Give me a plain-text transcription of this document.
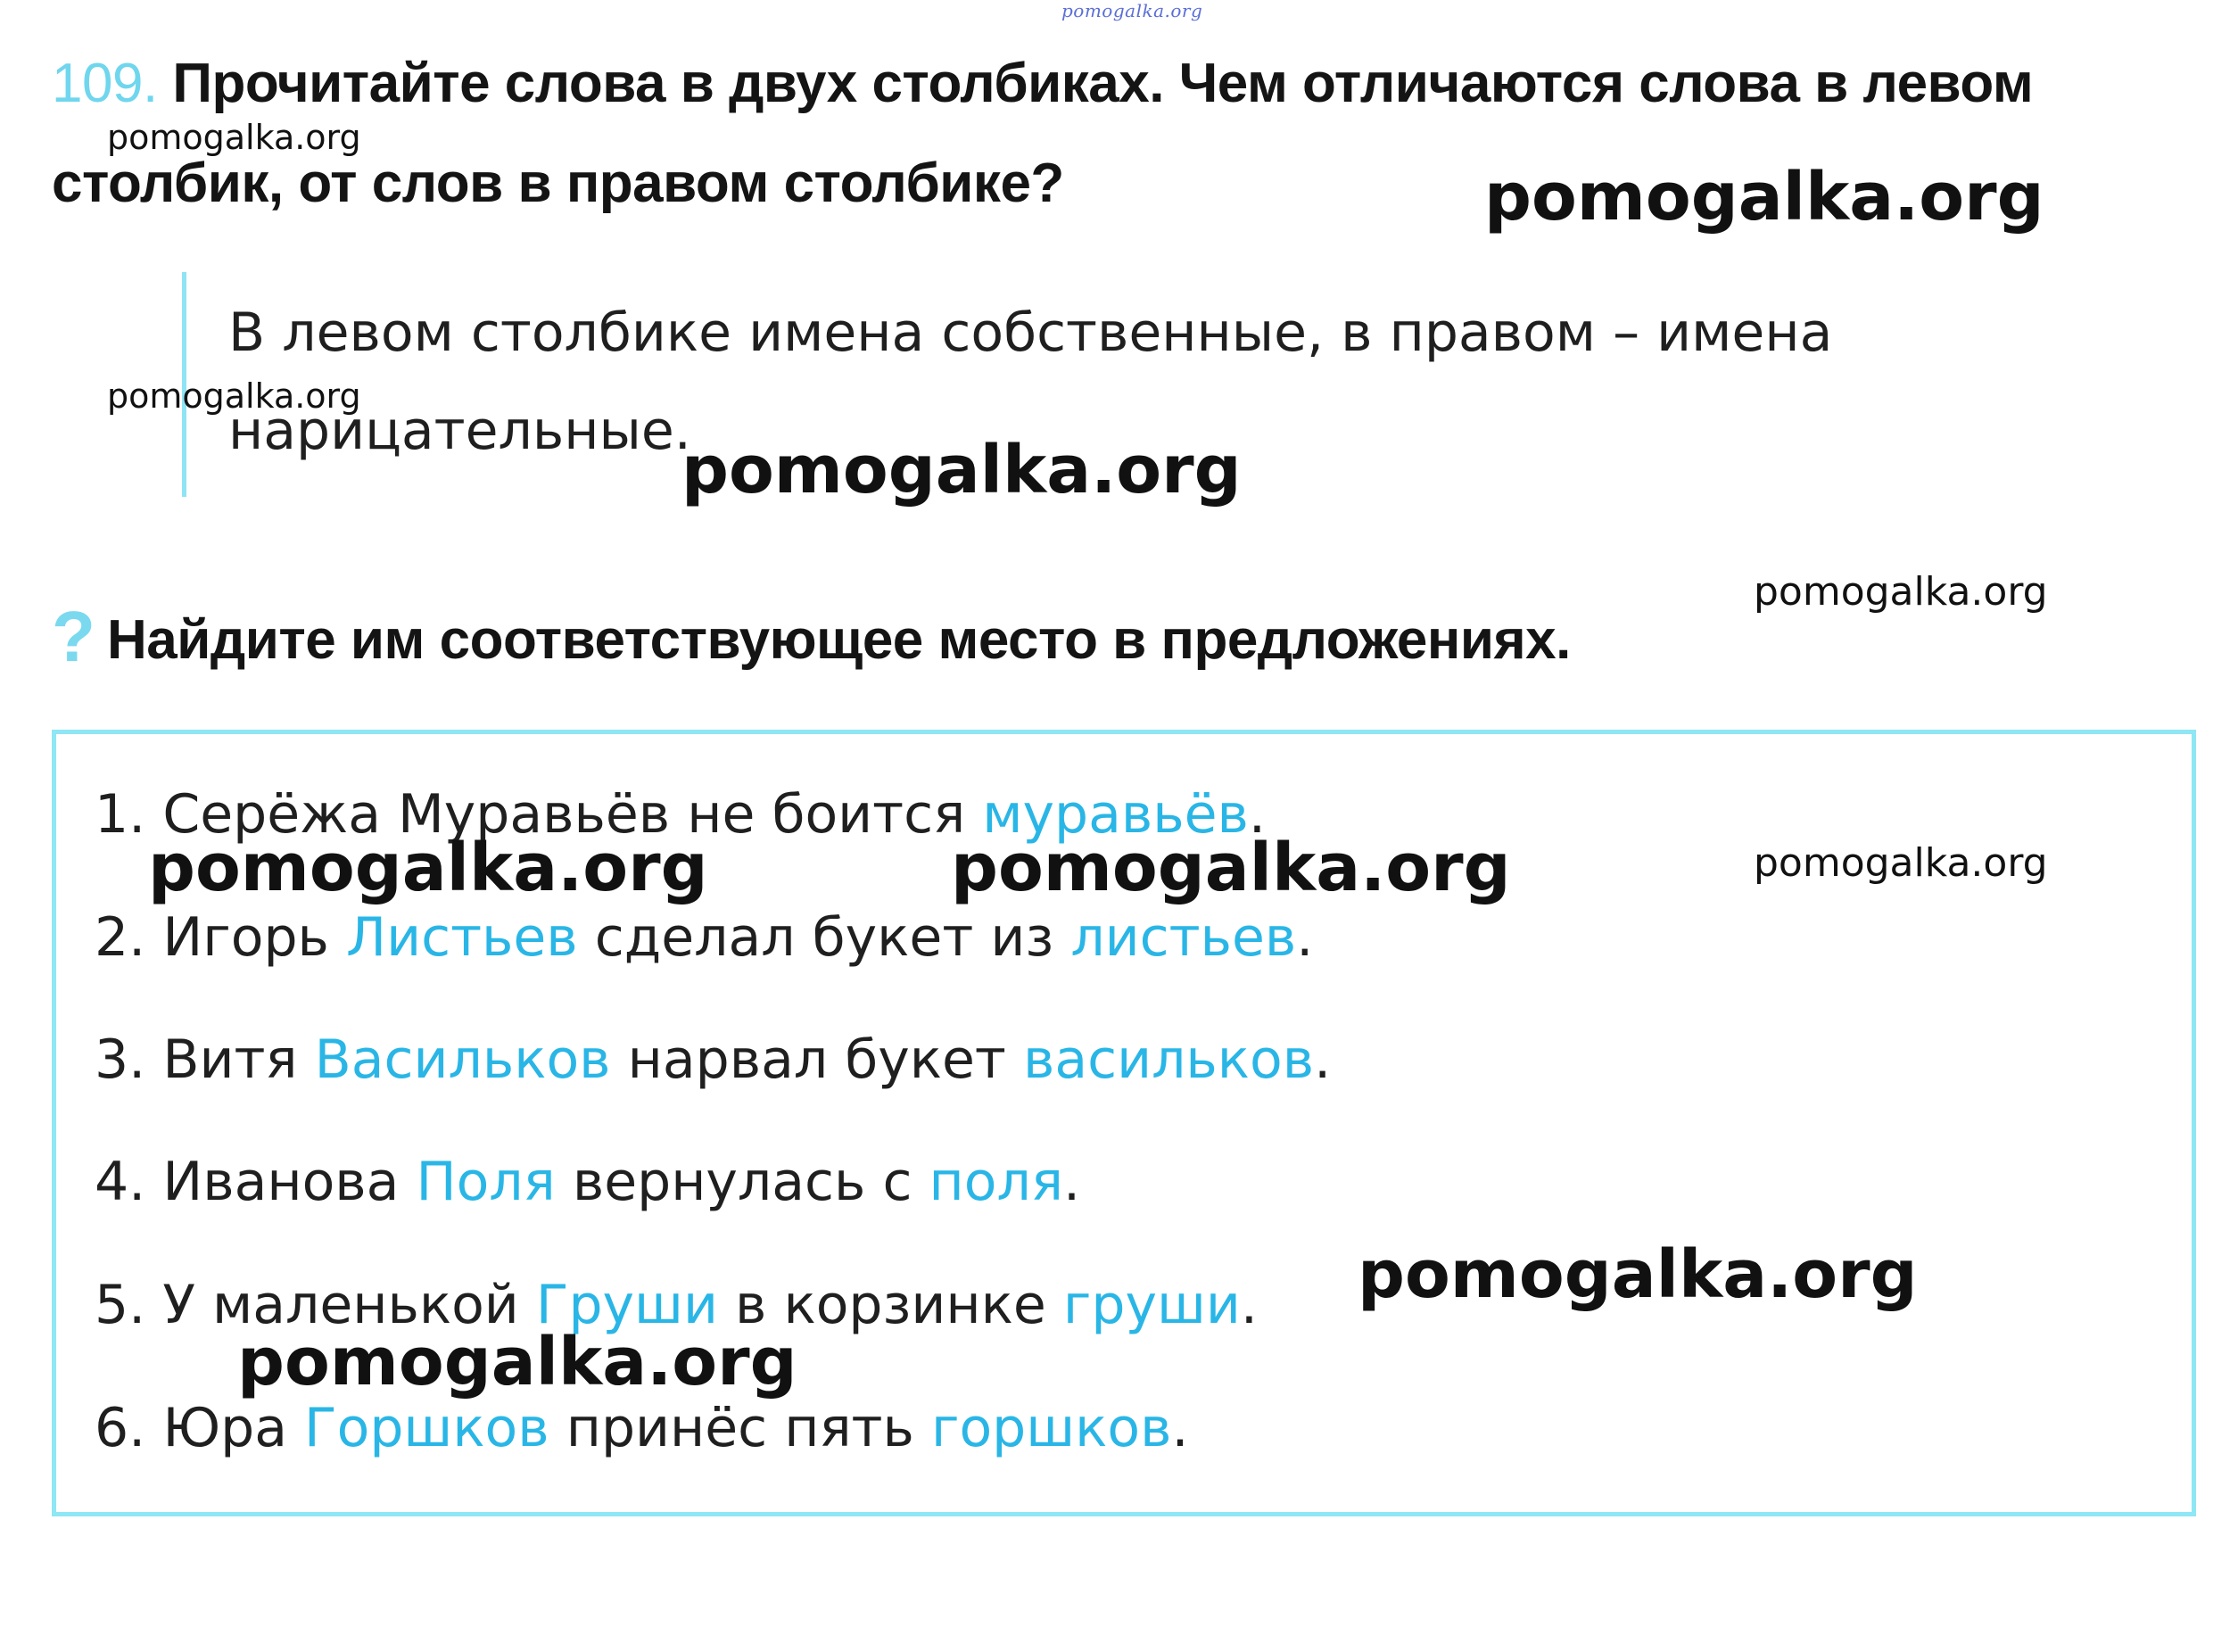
pomogalka.org
109. Прочитайте слова в двух столбиках. Чем отличаются слова в левом
столбик, от слов в правом столбике?
В левом столбике имена собственные, в правом – имена
нарицательные.
? Найдите им соответствующее место в предложениях.
1. Серёжа Муравьёв не боится муравьёв.
2. Игорь Листьев сделал букет из листьев.
3. Витя Васильков нарвал букет васильков.
4. Иванова Поля вернулась с поля.
5. У маленькой Груши в корзинке груши.
6. Юра Горшков принёс пять горшков.
pomogalka.org
pomogalka.org
pomogalka.org
pomogalka.org
pomogalka.org
pomogalka.org	pomogalka.org	pomogalka.org
pomogalka.org
pomogalka.org
